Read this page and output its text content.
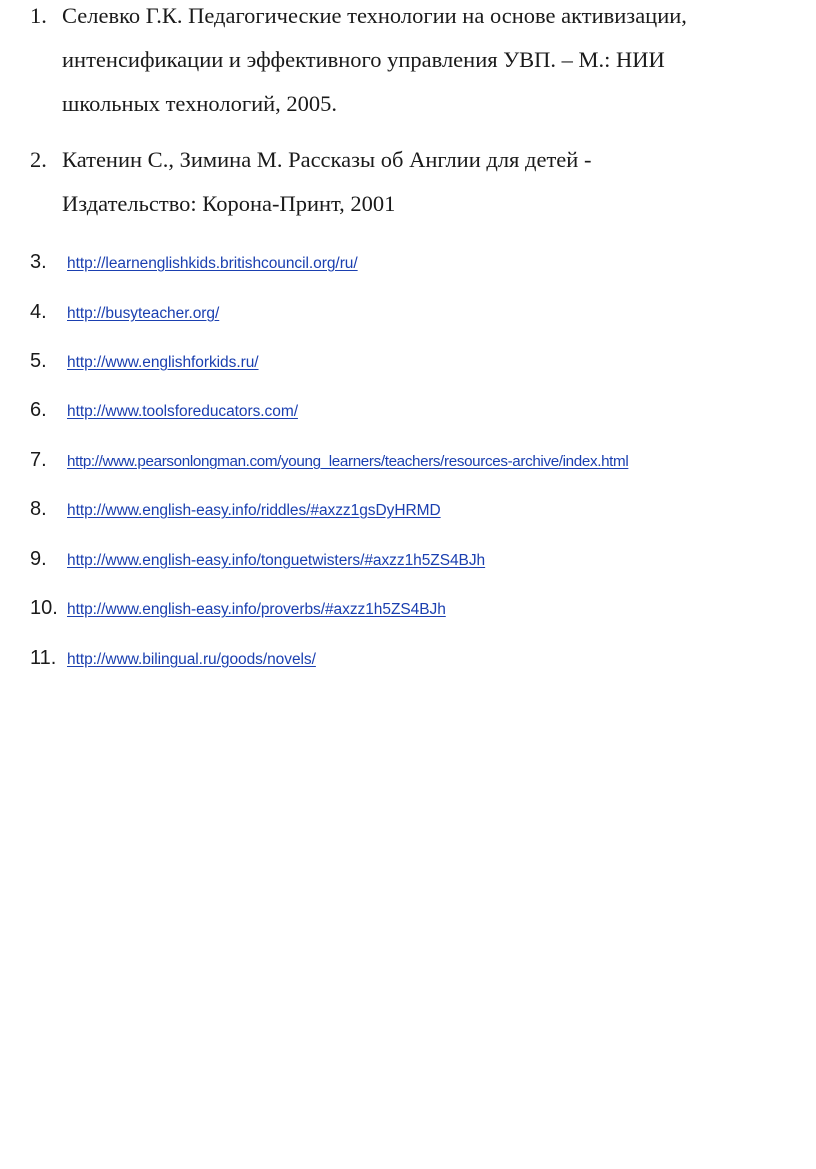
1. Селевко Г.К. Педагогические технологии на основе активизации,
интенсификации и эффективного управления УВП. – М.: НИИ
школьных технологий, 2005.
2. Катенин С., Зимина М. Рассказы об Англии для детей -
Издательство: Корона-Принт, 2001
3. http://learnenglishkids.britishcouncil.org/ru/
4. http://busyteacher.org/
5. http://www.englishforkids.ru/
6. http://www.toolsforeducators.com/
7. http://www.pearsonlongman.com/young_learners/teachers/resources-archive/index.html
8. http://www.english-easy.info/riddles/#axzz1gsDyHRMD
9. http://www.english-easy.info/tonguetwisters/#axzz1h5ZS4BJh
10. http://www.english-easy.info/proverbs/#axzz1h5ZS4BJh
11. http://www.bilingual.ru/goods/novels/
